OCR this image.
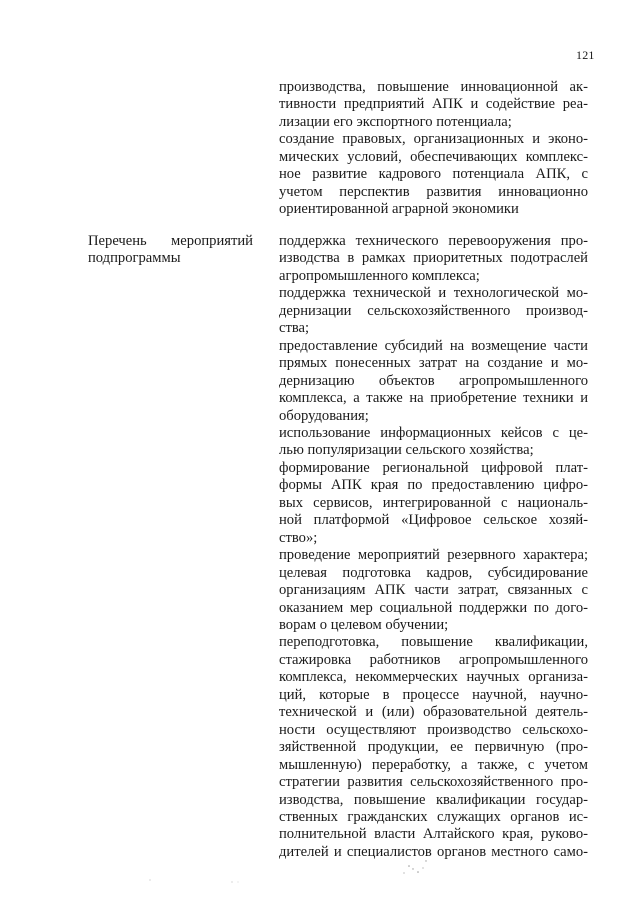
121
производства, повышение инновационной ак-
тивности предприятий АПК и содействие реа-
лизации его экспортного потенциала;
создание правовых, организационных и эконо-
мических условий, обеспечивающих комплекс-
ное развитие кадрового потенциала АПК, с
учетом перспектив развития инновационно
ориентированной аграрной экономики
Перечень мероприятий
подпрограммы
поддержка технического перевооружения про-
изводства в рамках приоритетных подотраслей
агропромышленного комплекса;
поддержка технической и технологической мо-
дернизации сельскохозяйственного производ-
ства;
предоставление субсидий на возмещение части
прямых понесенных затрат на создание и мо-
дернизацию объектов агропромышленного
комплекса, а также на приобретение техники и
оборудования;
использование информационных кейсов с це-
лью популяризации сельского хозяйства;
формирование региональной цифровой плат-
формы АПК края по предоставлению цифро-
вых сервисов, интегрированной с националь-
ной платформой «Цифровое сельское хозяй-
ство»;
проведение мероприятий резервного характера;
целевая подготовка кадров, субсидирование
организациям АПК части затрат, связанных с
оказанием мер социальной поддержки по дого-
ворам о целевом обучении;
переподготовка, повышение квалификации,
стажировка работников агропромышленного
комплекса, некоммерческих научных организа-
ций, которые в процессе научной, научно-
технической и (или) образовательной деятель-
ности осуществляют производство сельскохо-
зяйственной продукции, ее первичную (про-
мышленную) переработку, а также, с учетом
стратегии развития сельскохозяйственного про-
изводства, повышение квалификации государ-
ственных гражданских служащих органов ис-
полнительной власти Алтайского края, руково-
дителей и специалистов органов местного само-
